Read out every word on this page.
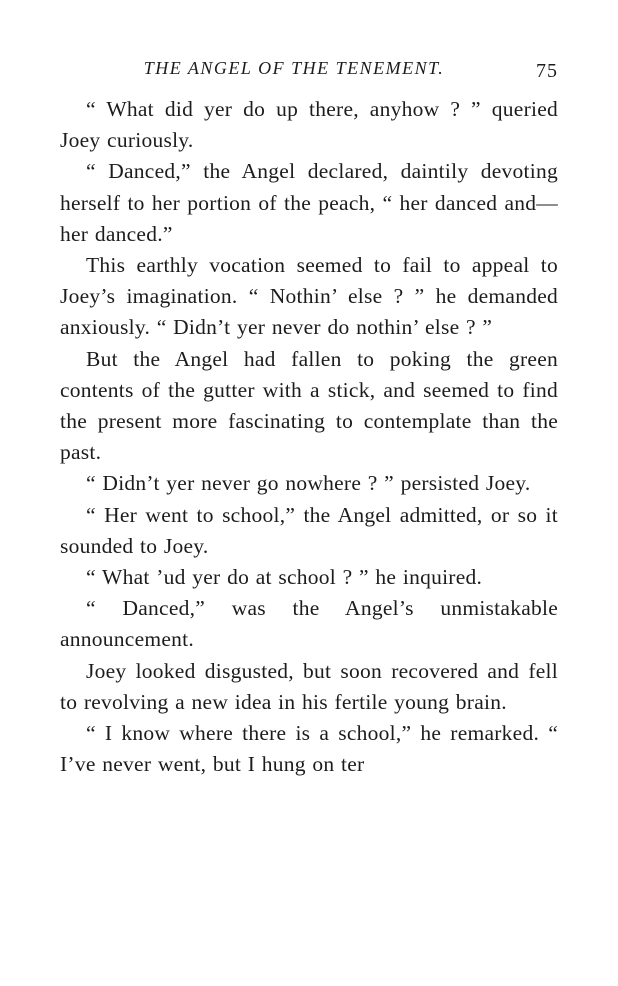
THE ANGEL OF THE TENEMENT.	75

“ What did yer do up there, anyhow ? ” queried Joey curiously.

“ Danced,” the Angel declared, daintily devoting herself to her portion of the peach, “ her danced and—her danced.”

This earthly vocation seemed to fail to appeal to Joey’s imagination. “ Nothin’ else ? ” he demanded anxiously. “ Didn’t yer never do nothin’ else ? ”

But the Angel had fallen to poking the green contents of the gutter with a stick, and seemed to find the present more fascinating to contemplate than the past.

“ Didn’t yer never go nowhere ? ” persisted Joey.

“ Her went to school,” the Angel admitted, or so it sounded to Joey.

“ What ’ud yer do at school ? ” he inquired.

“ Danced,” was the Angel’s unmistakable announcement.

Joey looked disgusted, but soon recovered and fell to revolving a new idea in his fertile young brain.

“ I know where there is a school,” he remarked. “ I’ve never went, but I hung on ter
